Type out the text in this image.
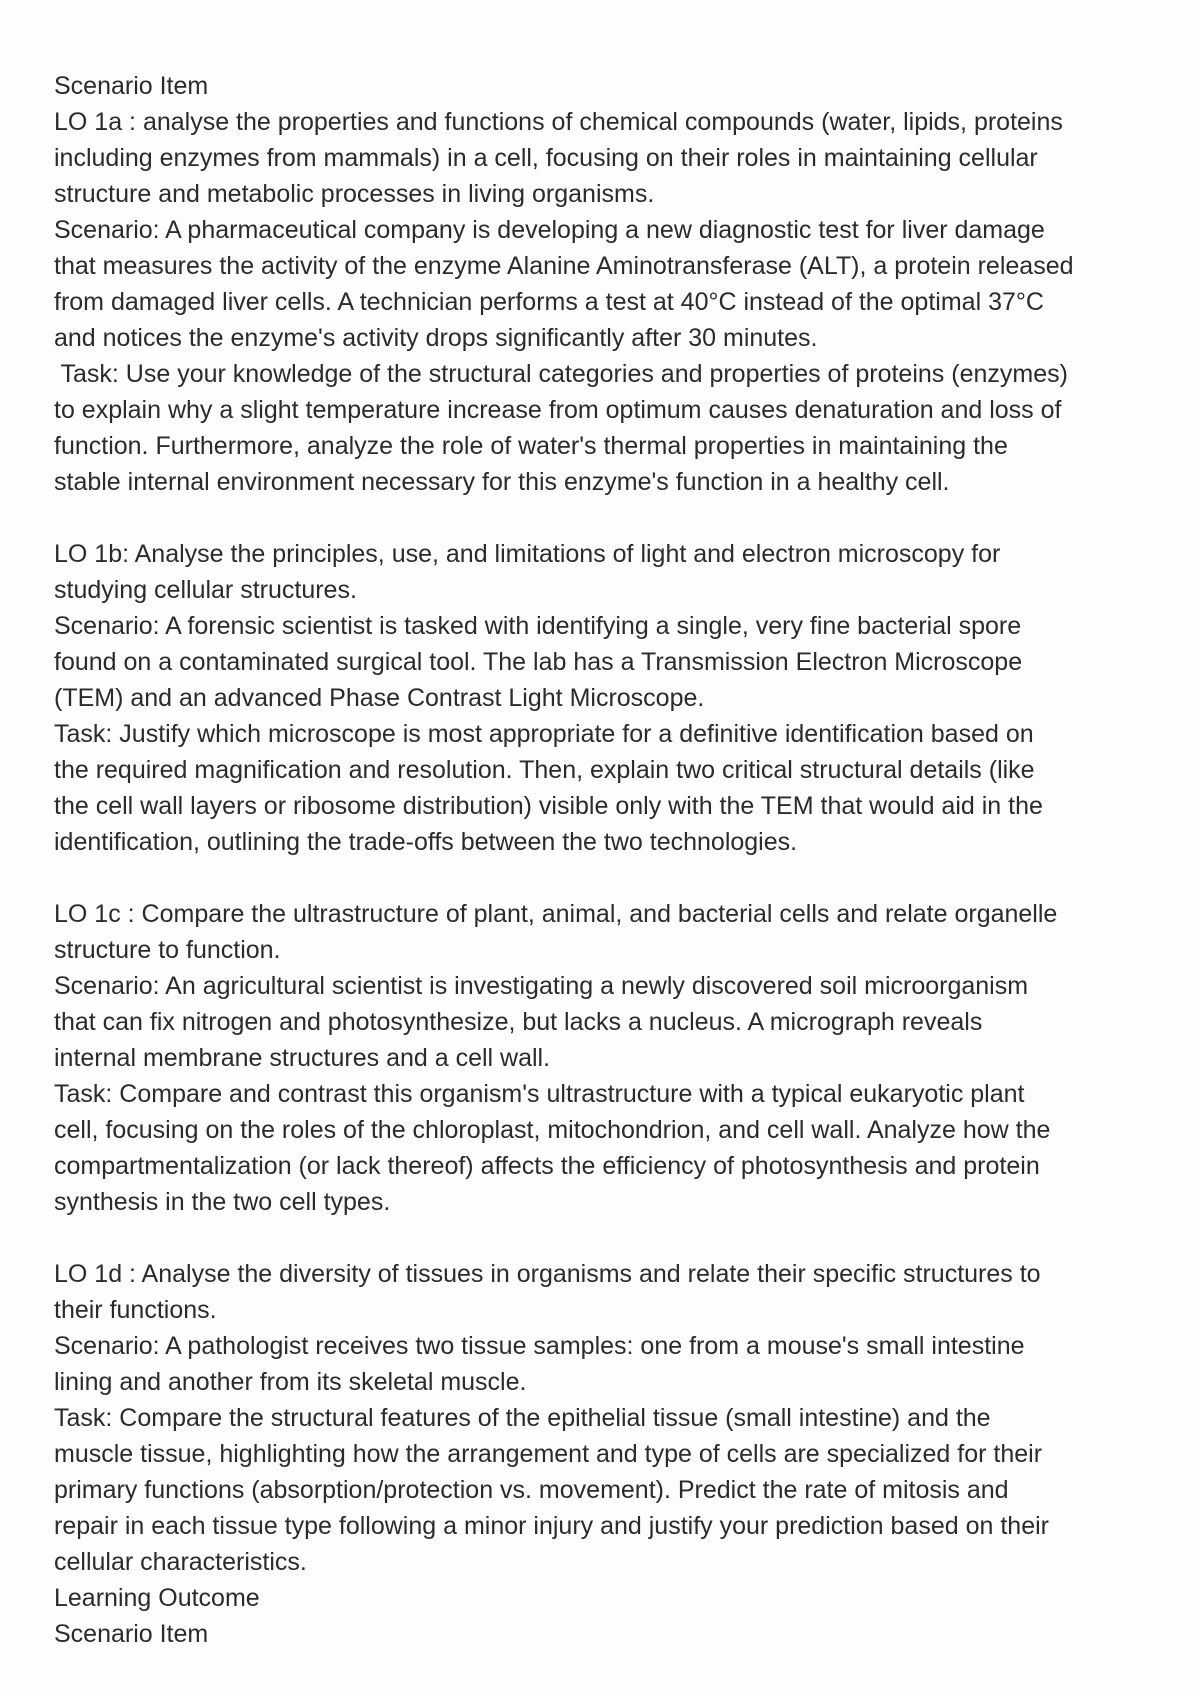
Scenario Item
LO 1a : analyse the properties and functions of chemical compounds (water, lipids, proteins
including enzymes from mammals) in a cell, focusing on their roles in maintaining cellular
structure and metabolic processes in living organisms.
Scenario: A pharmaceutical company is developing a new diagnostic test for liver damage
that measures the activity of the enzyme Alanine Aminotransferase (ALT), a protein released
from damaged liver cells. A technician performs a test at 40°C instead of the optimal 37°C
and notices the enzyme's activity drops significantly after 30 minutes.
Task: Use your knowledge of the structural categories and properties of proteins (enzymes)
to explain why a slight temperature increase from optimum causes denaturation and loss of
function. Furthermore, analyze the role of water's thermal properties in maintaining the
stable internal environment necessary for this enzyme's function in a healthy cell.
LO 1b: Analyse the principles, use, and limitations of light and electron microscopy for
studying cellular structures.
Scenario: A forensic scientist is tasked with identifying a single, very fine bacterial spore
found on a contaminated surgical tool. The lab has a Transmission Electron Microscope
(TEM) and an advanced Phase Contrast Light Microscope.
Task: Justify which microscope is most appropriate for a definitive identification based on
the required magnification and resolution. Then, explain two critical structural details (like
the cell wall layers or ribosome distribution) visible only with the TEM that would aid in the
identification, outlining the trade-offs between the two technologies.
LO 1c : Compare the ultrastructure of plant, animal, and bacterial cells and relate organelle
structure to function.
Scenario: An agricultural scientist is investigating a newly discovered soil microorganism
that can fix nitrogen and photosynthesize, but lacks a nucleus. A micrograph reveals
internal membrane structures and a cell wall.
Task: Compare and contrast this organism's ultrastructure with a typical eukaryotic plant
cell, focusing on the roles of the chloroplast, mitochondrion, and cell wall. Analyze how the
compartmentalization (or lack thereof) affects the efficiency of photosynthesis and protein
synthesis in the two cell types.
LO 1d : Analyse the diversity of tissues in organisms and relate their specific structures to
their functions.
Scenario: A pathologist receives two tissue samples: one from a mouse's small intestine
lining and another from its skeletal muscle.
Task: Compare the structural features of the epithelial tissue (small intestine) and the
muscle tissue, highlighting how the arrangement and type of cells are specialized for their
primary functions (absorption/protection vs. movement). Predict the rate of mitosis and
repair in each tissue type following a minor injury and justify your prediction based on their
cellular characteristics.
Learning Outcome
Scenario Item
